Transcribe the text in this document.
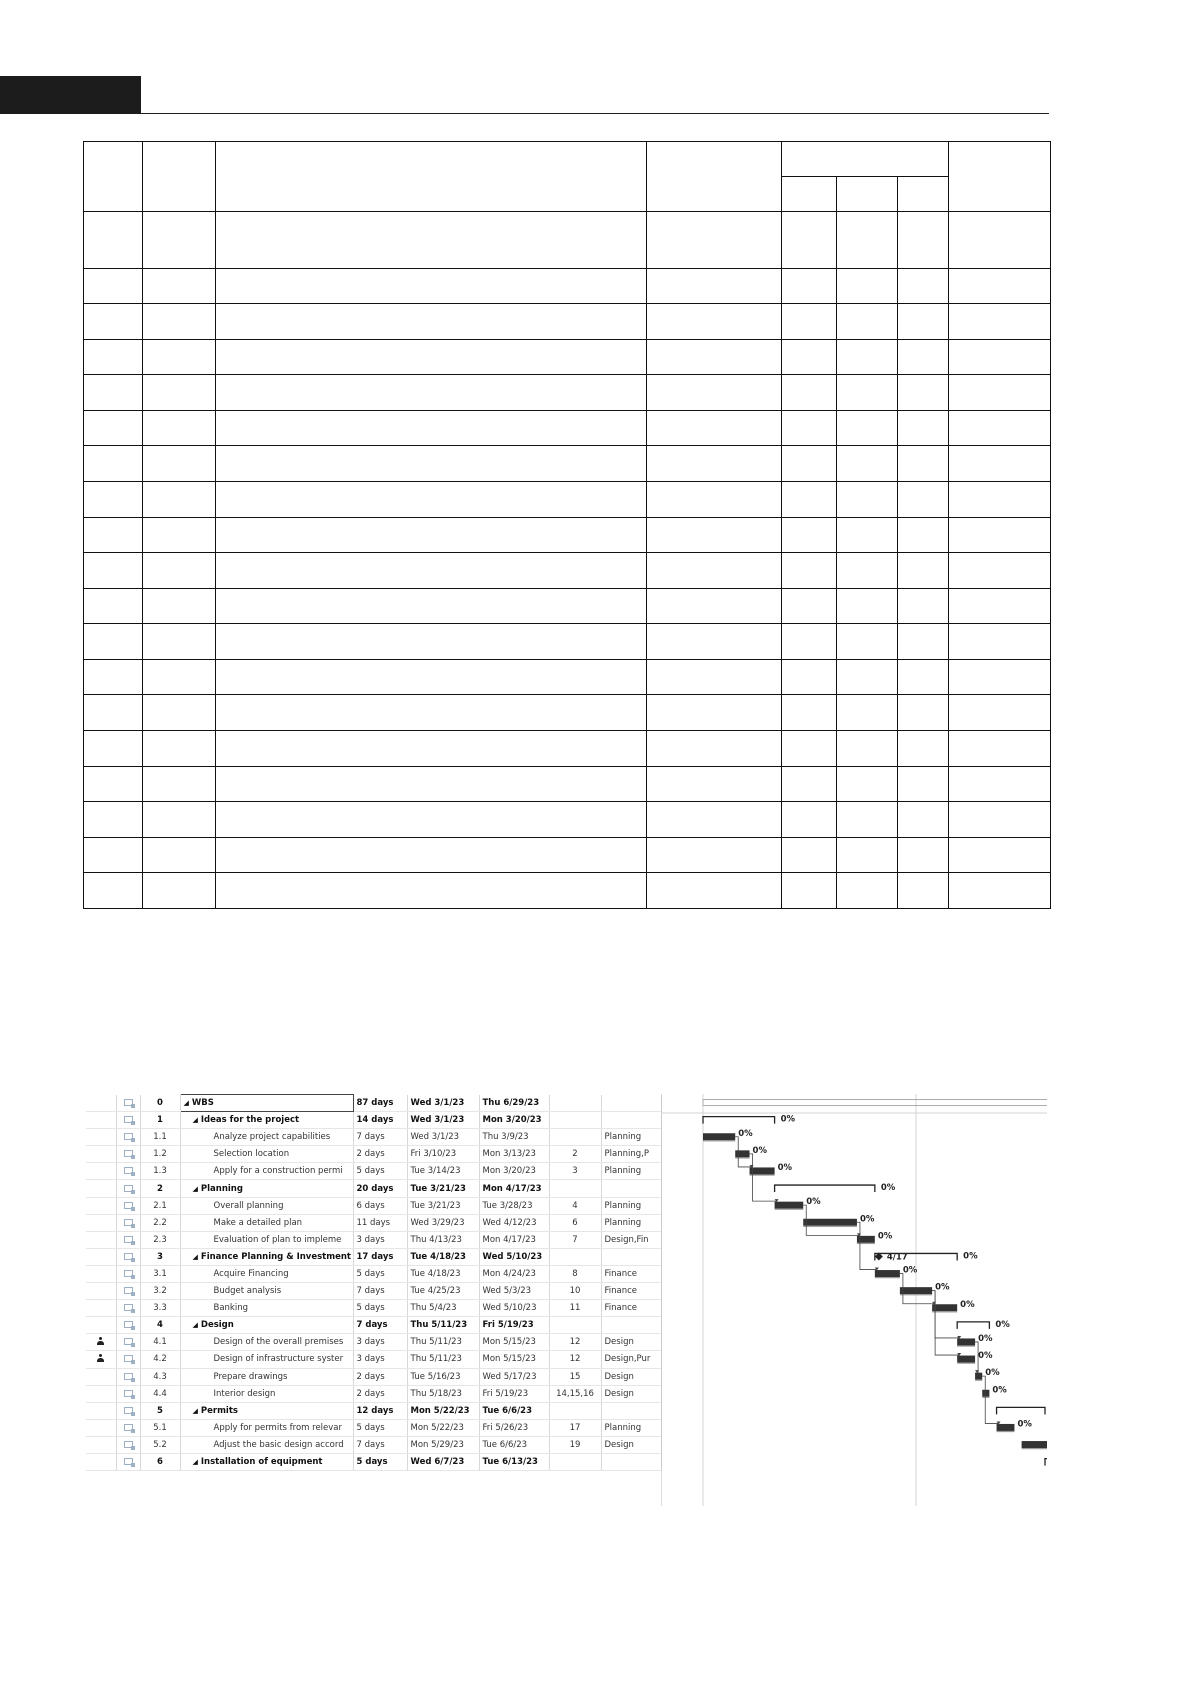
		0	◢ WBS	87 days	Wed 3/1/23	Thu 6/29/23		
		1	◢ Ideas for the project	14 days	Wed 3/1/23	Mon 3/20/23		
		1.1	Analyze project capabilities	7 days	Wed 3/1/23	Thu 3/9/23		Planning
		1.2	Selection location	2 days	Fri 3/10/23	Mon 3/13/23	2	Planning,P
		1.3	Apply for a construction permi	5 days	Tue 3/14/23	Mon 3/20/23	3	Planning
		2	◢ Planning	20 days	Tue 3/21/23	Mon 4/17/23		
		2.1	Overall planning	6 days	Tue 3/21/23	Tue 3/28/23	4	Planning
		2.2	Make a detailed plan	11 days	Wed 3/29/23	Wed 4/12/23	6	Planning
		2.3	Evaluation of plan to impleme	3 days	Thu 4/13/23	Mon 4/17/23	7	Design,Fin
		3	◢ Finance Planning & Investment	17 days	Tue 4/18/23	Wed 5/10/23		
		3.1	Acquire Financing	5 days	Tue 4/18/23	Mon 4/24/23	8	Finance
		3.2	Budget analysis	7 days	Tue 4/25/23	Wed 5/3/23	10	Finance
		3.3	Banking	5 days	Thu 5/4/23	Wed 5/10/23	11	Finance
		4	◢ Design	7 days	Thu 5/11/23	Fri 5/19/23		
		4.1	Design of the overall premises	3 days	Thu 5/11/23	Mon 5/15/23	12	Design
		4.2	Design of infrastructure syster	3 days	Thu 5/11/23	Mon 5/15/23	12	Design,Pur
		4.3	Prepare drawings	2 days	Tue 5/16/23	Wed 5/17/23	15	Design
		4.4	Interior design	2 days	Thu 5/18/23	Fri 5/19/23	14,15,16	Design
		5	◢ Permits	12 days	Mon 5/22/23	Tue 6/6/23		
		5.1	Apply for permits from relevar	5 days	Mon 5/22/23	Fri 5/26/23	17	Planning
		5.2	Adjust the basic design accord	7 days	Mon 5/29/23	Tue 6/6/23	19	Design
		6	◢ Installation of equipment	5 days	Wed 6/7/23	Tue 6/13/23		
0%
0%
0%
0%
0%
0%
0%
0%
0%
0%
0%
0%
0%
0%
0%
0%
0%
0%
4/17
